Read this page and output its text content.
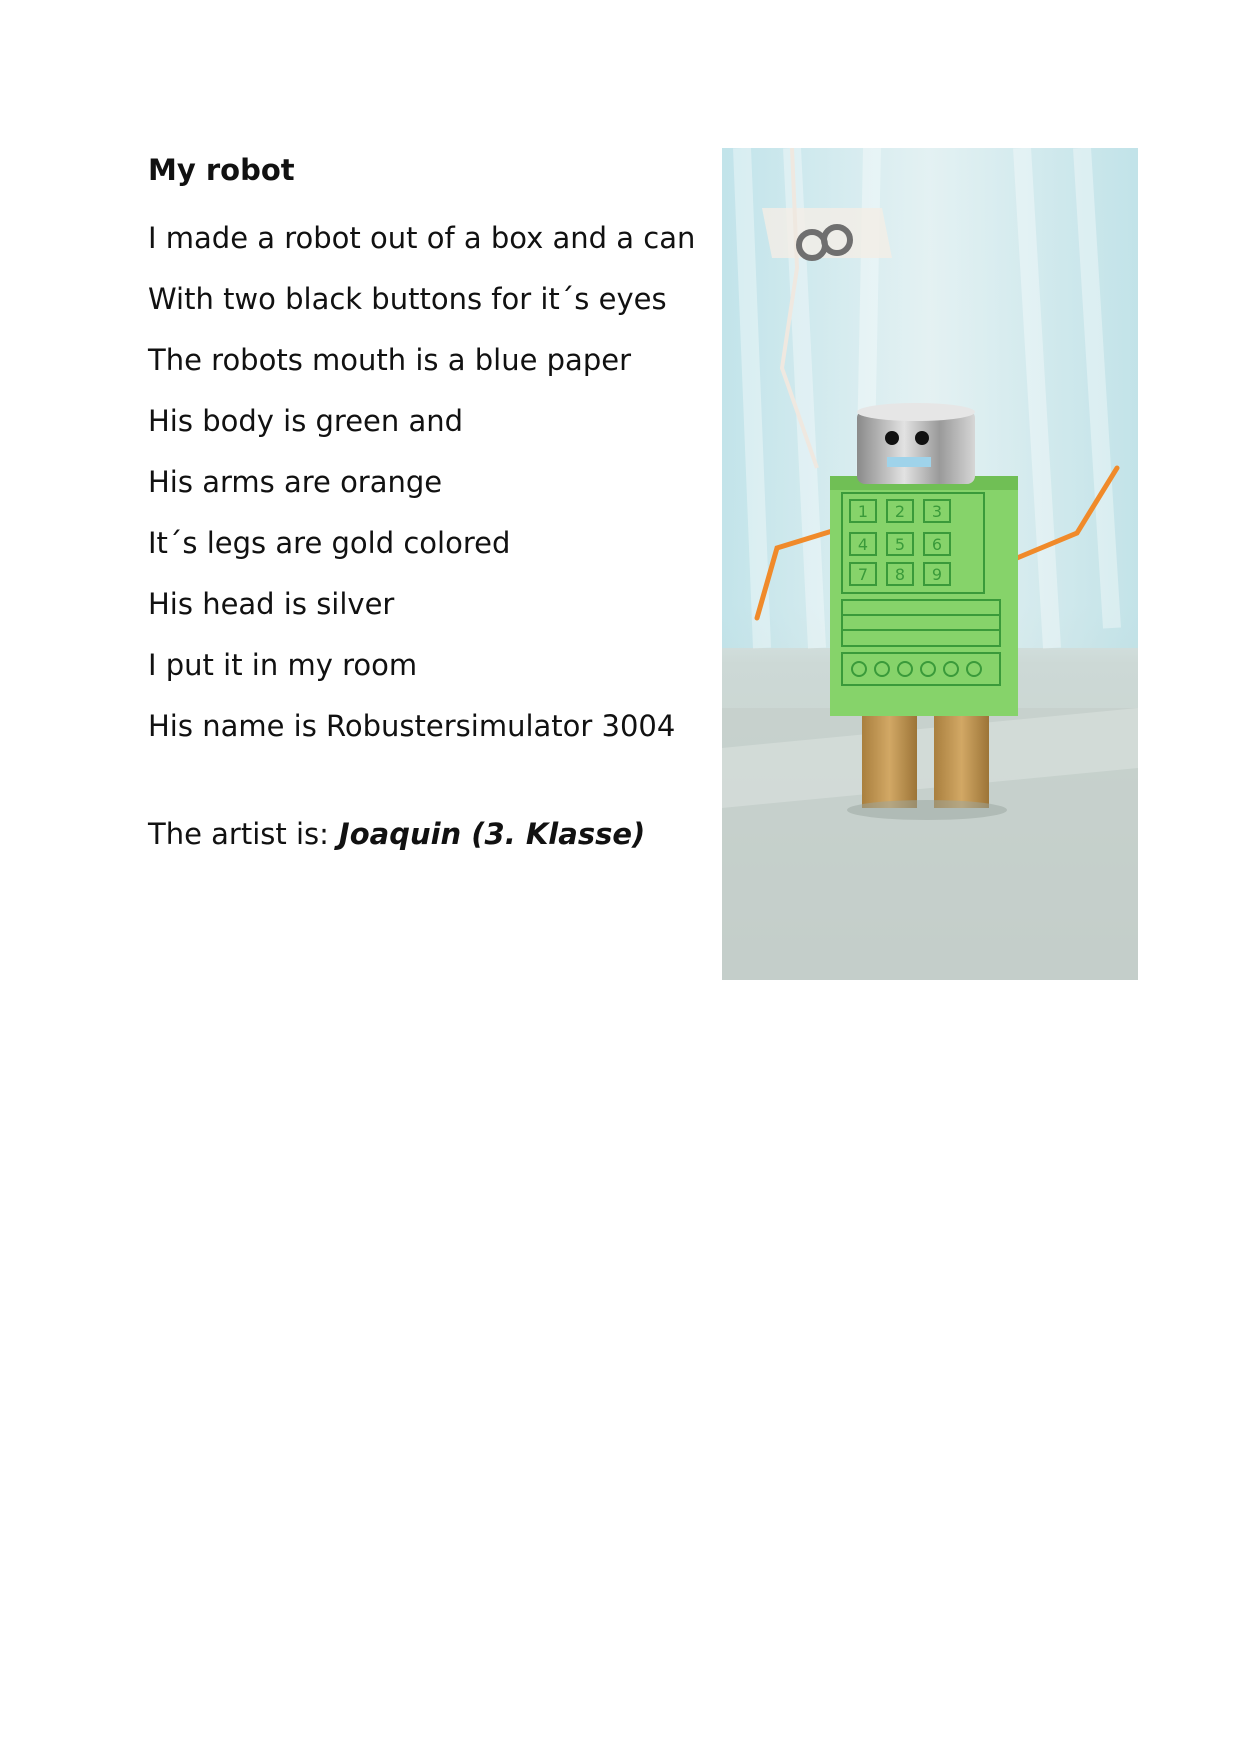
My robot

I made a robot out of a box and a can

With two black buttons for it´s eyes

The robots mouth is a blue paper

His body is green and

His arms are orange

It´s legs are gold colored

His head is silver

I put it in my room

His name is Robustersimulator 3004

The artist is: Joaquin (3. Klasse)
1 2 3
4 5 6
7 8 9
